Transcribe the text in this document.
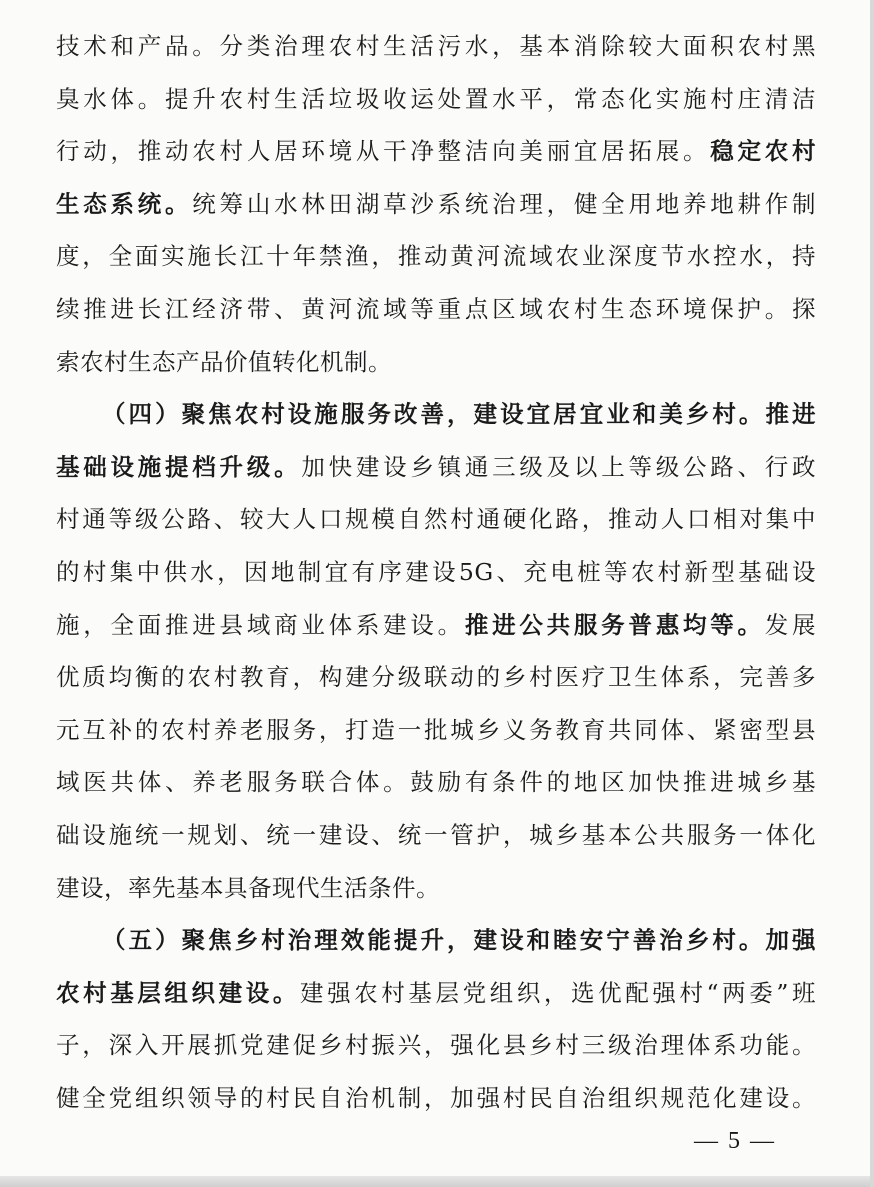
技术和产品。分类治理农村生活污水，基本消除较大面积农村黑
臭水体。提升农村生活垃圾收运处置水平，常态化实施村庄清洁
行动，推动农村人居环境从干净整洁向美丽宜居拓展。稳定农村
生态系统。统筹山水林田湖草沙系统治理，健全用地养地耕作制
度，全面实施长江十年禁渔，推动黄河流域农业深度节水控水，持
续推进长江经济带、黄河流域等重点区域农村生态环境保护。探
索农村生态产品价值转化机制。
（四）聚焦农村设施服务改善，建设宜居宜业和美乡村。推进
基础设施提档升级。加快建设乡镇通三级及以上等级公路、行政
村通等级公路、较大人口规模自然村通硬化路，推动人口相对集中
的村集中供水，因地制宜有序建设5G、充电桩等农村新型基础设
施，全面推进县域商业体系建设。推进公共服务普惠均等。发展
优质均衡的农村教育，构建分级联动的乡村医疗卫生体系，完善多
元互补的农村养老服务，打造一批城乡义务教育共同体、紧密型县
域医共体、养老服务联合体。鼓励有条件的地区加快推进城乡基
础设施统一规划、统一建设、统一管护，城乡基本公共服务一体化
建设，率先基本具备现代生活条件。
（五）聚焦乡村治理效能提升，建设和睦安宁善治乡村。加强
农村基层组织建设。建强农村基层党组织，选优配强村“两委”班
子，深入开展抓党建促乡村振兴，强化县乡村三级治理体系功能。
健全党组织领导的村民自治机制，加强村民自治组织规范化建设。
— 5 —
